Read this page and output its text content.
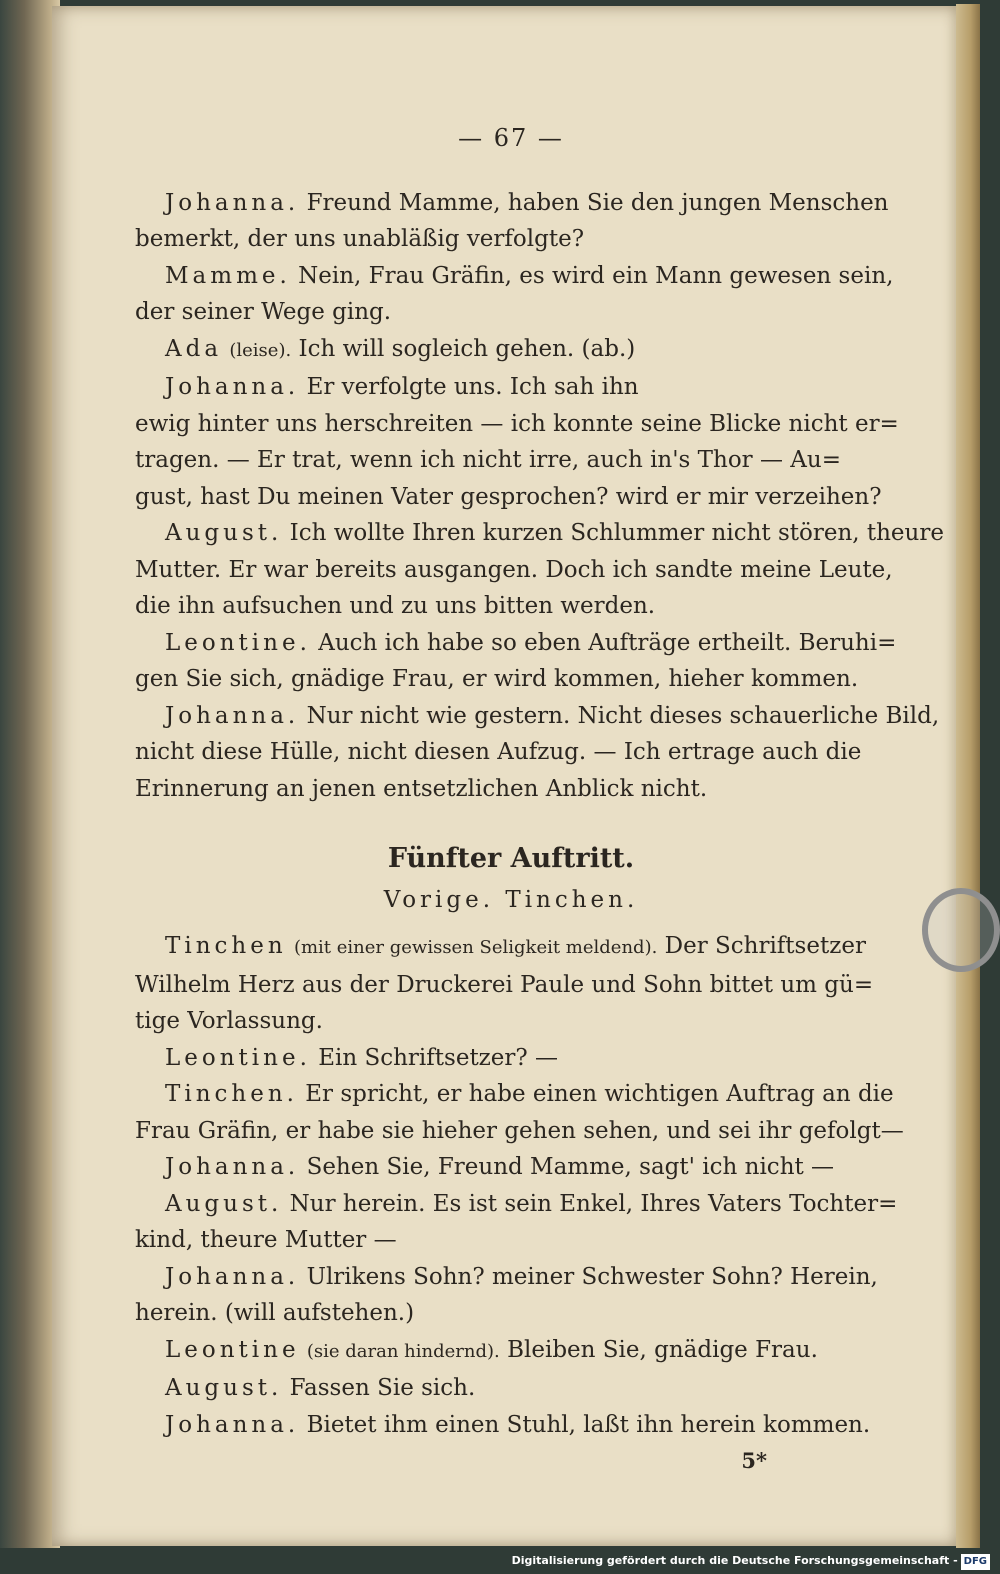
— 67 —
Johanna. Freund Mamme, haben Sie den jungen Menschen
bemerkt, der uns unabläßig verfolgte?
Mamme. Nein, Frau Gräfin, es wird ein Mann gewesen sein,
der seiner Wege ging.
Ada (leise). Ich will sogleich gehen. (ab.)
Johanna. Er verfolgte uns. Ich sah ihn
ewig hinter uns herschreiten — ich konnte seine Blicke nicht er=
tragen. — Er trat, wenn ich nicht irre, auch in's Thor — Au=
gust, hast Du meinen Vater gesprochen? wird er mir verzeihen?
August. Ich wollte Ihren kurzen Schlummer nicht stören, theure
Mutter. Er war bereits ausgangen. Doch ich sandte meine Leute,
die ihn aufsuchen und zu uns bitten werden.
Leontine. Auch ich habe so eben Aufträge ertheilt. Beruhi=
gen Sie sich, gnädige Frau, er wird kommen, hieher kommen.
Johanna. Nur nicht wie gestern. Nicht dieses schauerliche Bild,
nicht diese Hülle, nicht diesen Aufzug. — Ich ertrage auch die
Erinnerung an jenen entsetzlichen Anblick nicht.
Fünfter Auftritt.
Vorige. Tinchen.
Tinchen (mit einer gewissen Seligkeit meldend). Der Schriftsetzer
Wilhelm Herz aus der Druckerei Paule und Sohn bittet um gü=
tige Vorlassung.
Leontine. Ein Schriftsetzer? —
Tinchen. Er spricht, er habe einen wichtigen Auftrag an die
Frau Gräfin, er habe sie hieher gehen sehen, und sei ihr gefolgt—
Johanna. Sehen Sie, Freund Mamme, sagt' ich nicht —
August. Nur herein. Es ist sein Enkel, Ihres Vaters Tochter=
kind, theure Mutter —
Johanna. Ulrikens Sohn? meiner Schwester Sohn? Herein,
herein. (will aufstehen.)
Leontine (sie daran hindernd). Bleiben Sie, gnädige Frau.
August. Fassen Sie sich.
Johanna. Bietet ihm einen Stuhl, laßt ihn herein kommen.
5*
Digitalisierung gefördert durch die Deutsche Forschungsgemeinschaft - DFG
